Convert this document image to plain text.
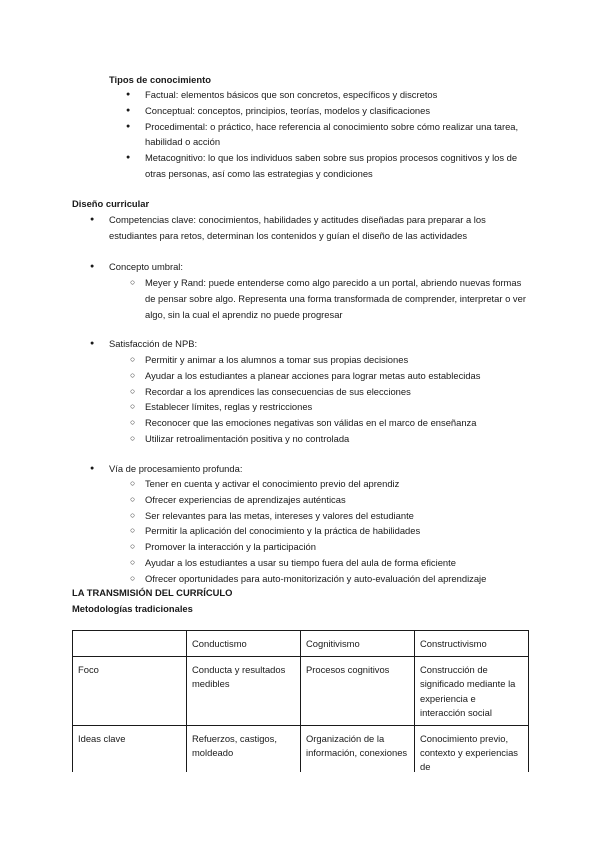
Tipos de conocimiento

● Factual: elementos básicos que son concretos, específicos y discretos
● Conceptual: conceptos, principios, teorías, modelos y clasificaciones
● Procedimental: o práctico, hace referencia al conocimiento sobre cómo realizar una tarea, habilidad o acción
● Metacognitivo: lo que los individuos saben sobre sus propios procesos cognitivos y los de otras personas, así como las estrategias y condiciones

Diseño curricular

● Competencias clave: conocimientos, habilidades y actitudes diseñadas para preparar a los estudiantes para retos, determinan los contenidos y guían el diseño de las actividades
● Concepto umbral:
○ Meyer y Rand: puede entenderse como algo parecido a un portal, abriendo nuevas formas de pensar sobre algo. Representa una forma transformada de comprender, interpretar o ver algo, sin la cual el aprendiz no puede progresar
● Satisfacción de NPB:
○ Permitir y animar a los alumnos a tomar sus propias decisiones
○ Ayudar a los estudiantes a planear acciones para lograr metas auto establecidas
○ Recordar a los aprendices las consecuencias de sus elecciones
○ Establecer límites, reglas y restricciones
○ Reconocer que las emociones negativas son válidas en el marco de enseñanza
○ Utilizar retroalimentación positiva y no controlada
● Vía de procesamiento profunda:
○ Tener en cuenta y activar el conocimiento previo del aprendiz
○ Ofrecer experiencias de aprendizajes auténticas
○ Ser relevantes para las metas, intereses y valores del estudiante
○ Permitir la aplicación del conocimiento y la práctica de habilidades
○ Promover la interacción y la participación
○ Ayudar a los estudiantes a usar su tiempo fuera del aula de forma eficiente
○ Ofrecer oportunidades para auto-monitorización y auto-evaluación del aprendizaje

LA TRANSMISIÓN DEL CURRÍCULO

Metodologías tradicionales

	Conductismo	Cognitivismo	Constructivismo
Foco	Conducta y resultados medibles	Procesos cognitivos	Construcción de significado mediante la experiencia e interacción social
Ideas clave	Refuerzos, castigos, moldeado	Organización de la información, conexiones	Conocimiento previo, contexto y experiencias de
